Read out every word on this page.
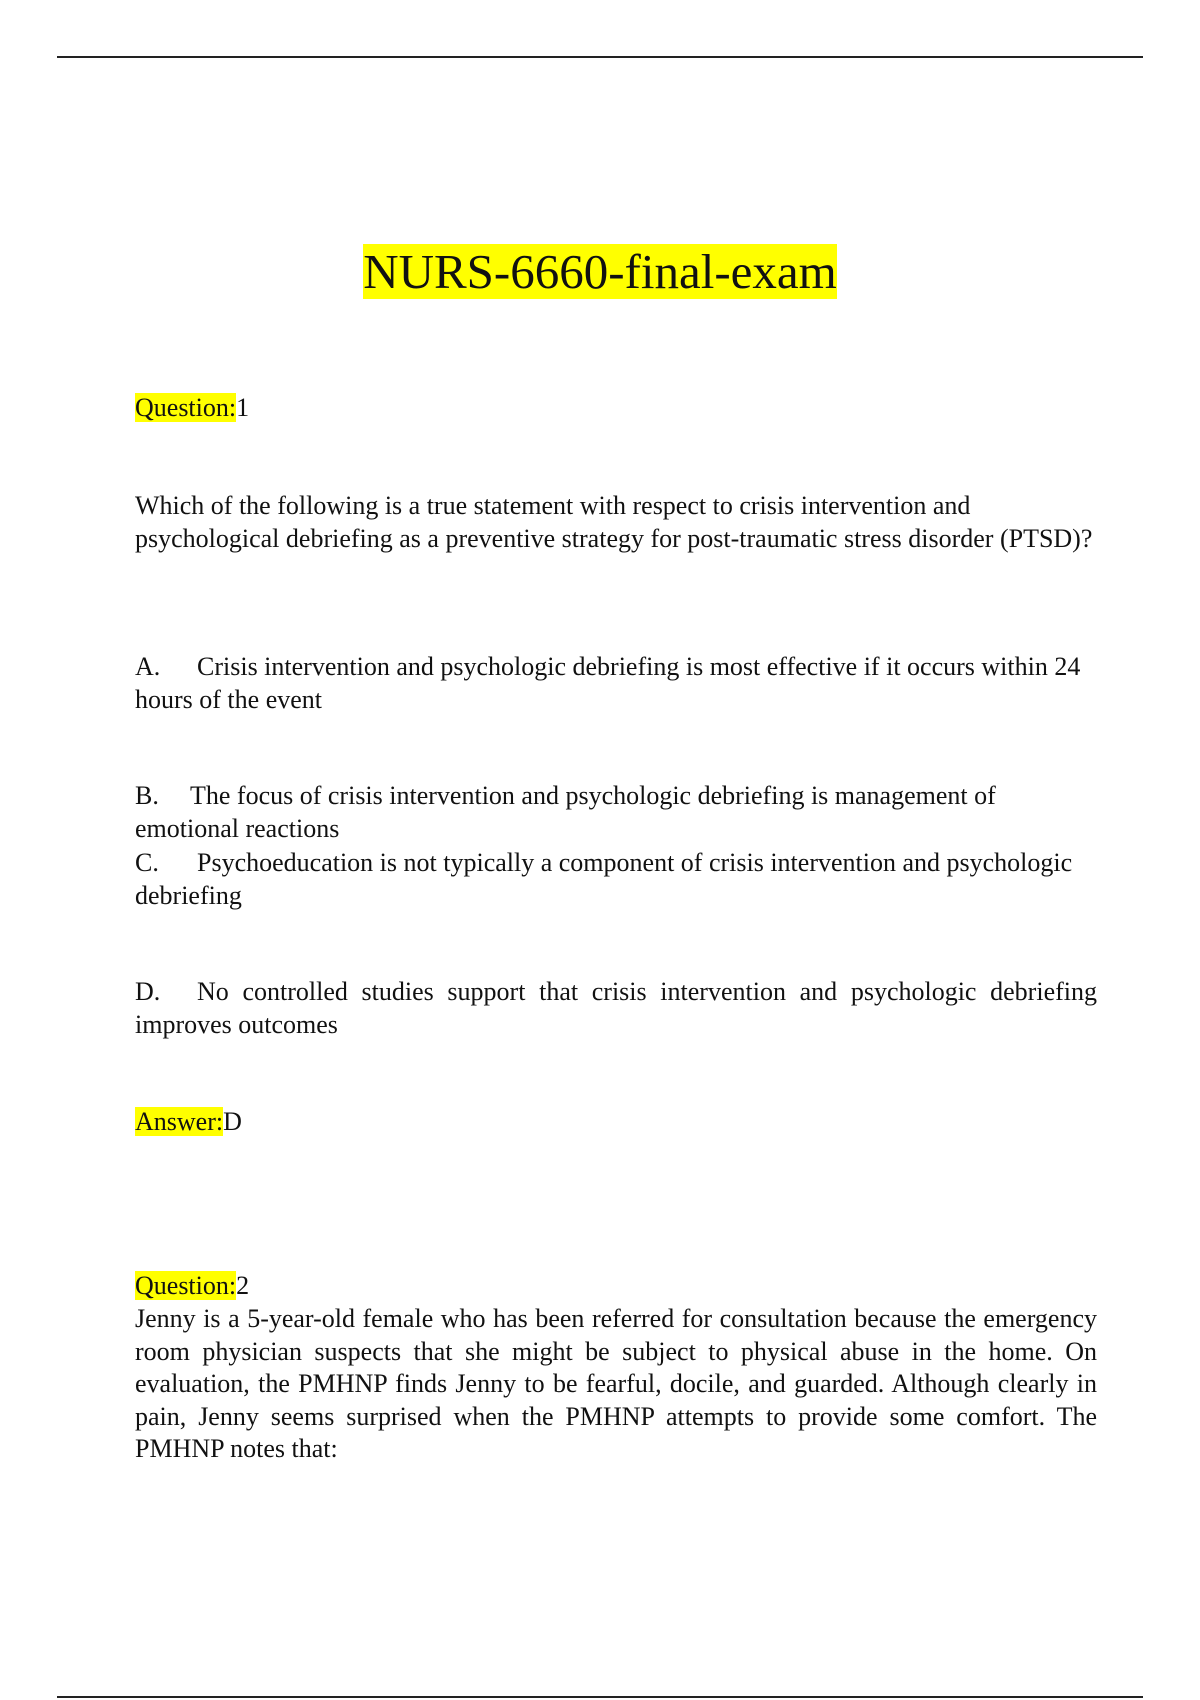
NURS-6660-final-exam
Question:1
Which of the following is a true statement with respect to crisis intervention and psychological debriefing as a preventive strategy for post-traumatic stress disorder (PTSD)?
A. Crisis intervention and psychologic debriefing is most effective if it occurs within 24 hours of the event
B. The focus of crisis intervention and psychologic debriefing is management of emotional reactions
C. Psychoeducation is not typically a component of crisis intervention and psychologic debriefing
D. No controlled studies support that crisis intervention and psychologic debriefing improves outcomes
Answer:D
Question:2
Jenny is a 5-year-old female who has been referred for consultation because the emergency room physician suspects that she might be subject to physical abuse in the home. On evaluation, the PMHNP finds Jenny to be fearful, docile, and guarded. Although clearly in pain, Jenny seems surprised when the PMHNP attempts to provide some comfort. The PMHNP notes that:
